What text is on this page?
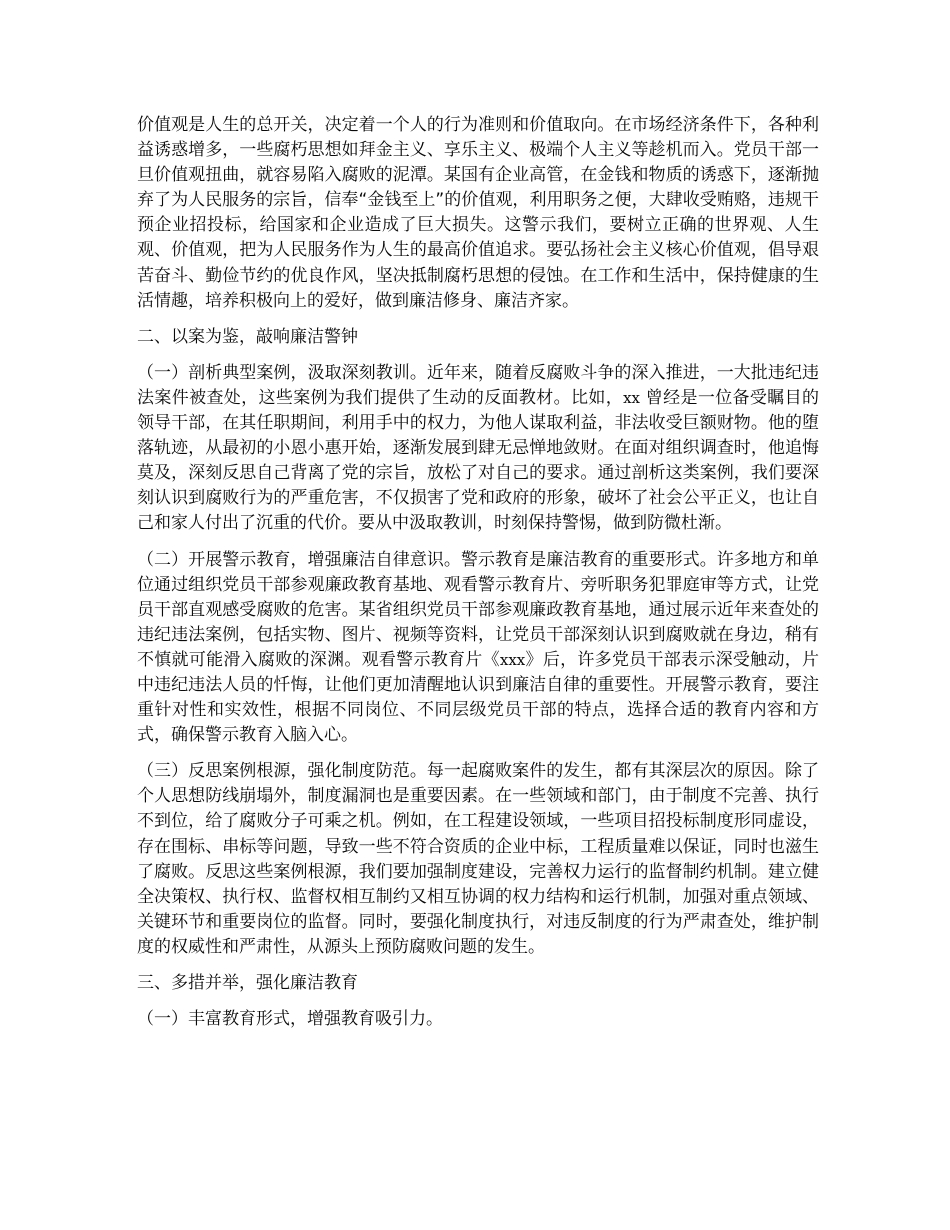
价值观是人生的总开关，决定着一个人的行为准则和价值取向。在市场经济条件下，各种利益诱惑增多，一些腐朽思想如拜金主义、享乐主义、极端个人主义等趁机而入。党员干部一旦价值观扭曲，就容易陷入腐败的泥潭。某国有企业高管，在金钱和物质的诱惑下，逐渐抛弃了为人民服务的宗旨，信奉“金钱至上”的价值观，利用职务之便，大肆收受贿赂，违规干预企业招投标，给国家和企业造成了巨大损失。这警示我们，要树立正确的世界观、人生观、价值观，把为人民服务作为人生的最高价值追求。要弘扬社会主义核心价值观，倡导艰苦奋斗、勤俭节约的优良作风，坚决抵制腐朽思想的侵蚀。在工作和生活中，保持健康的生活情趣，培养积极向上的爱好，做到廉洁修身、廉洁齐家。

二、以案为鉴，敲响廉洁警钟

（一）剖析典型案例，汲取深刻教训。近年来，随着反腐败斗争的深入推进，一大批违纪违法案件被查处，这些案例为我们提供了生动的反面教材。比如，xx 曾经是一位备受瞩目的领导干部，在其任职期间，利用手中的权力，为他人谋取利益，非法收受巨额财物。他的堕落轨迹，从最初的小恩小惠开始，逐渐发展到肆无忌惮地敛财。在面对组织调查时，他追悔莫及，深刻反思自己背离了党的宗旨，放松了对自己的要求。通过剖析这类案例，我们要深刻认识到腐败行为的严重危害，不仅损害了党和政府的形象，破坏了社会公平正义，也让自己和家人付出了沉重的代价。要从中汲取教训，时刻保持警惕，做到防微杜渐。

（二）开展警示教育，增强廉洁自律意识。警示教育是廉洁教育的重要形式。许多地方和单位通过组织党员干部参观廉政教育基地、观看警示教育片、旁听职务犯罪庭审等方式，让党员干部直观感受腐败的危害。某省组织党员干部参观廉政教育基地，通过展示近年来查处的违纪违法案例，包括实物、图片、视频等资料，让党员干部深刻认识到腐败就在身边，稍有不慎就可能滑入腐败的深渊。观看警示教育片《xxx》后，许多党员干部表示深受触动，片中违纪违法人员的忏悔，让他们更加清醒地认识到廉洁自律的重要性。开展警示教育，要注重针对性和实效性，根据不同岗位、不同层级党员干部的特点，选择合适的教育内容和方式，确保警示教育入脑入心。

（三）反思案例根源，强化制度防范。每一起腐败案件的发生，都有其深层次的原因。除了个人思想防线崩塌外，制度漏洞也是重要因素。在一些领域和部门，由于制度不完善、执行不到位，给了腐败分子可乘之机。例如，在工程建设领域，一些项目招投标制度形同虚设，存在围标、串标等问题，导致一些不符合资质的企业中标，工程质量难以保证，同时也滋生了腐败。反思这些案例根源，我们要加强制度建设，完善权力运行的监督制约机制。建立健全决策权、执行权、监督权相互制约又相互协调的权力结构和运行机制，加强对重点领域、关键环节和重要岗位的监督。同时，要强化制度执行，对违反制度的行为严肃查处，维护制度的权威性和严肃性，从源头上预防腐败问题的发生。

三、多措并举，强化廉洁教育

（一）丰富教育形式，增强教育吸引力。
